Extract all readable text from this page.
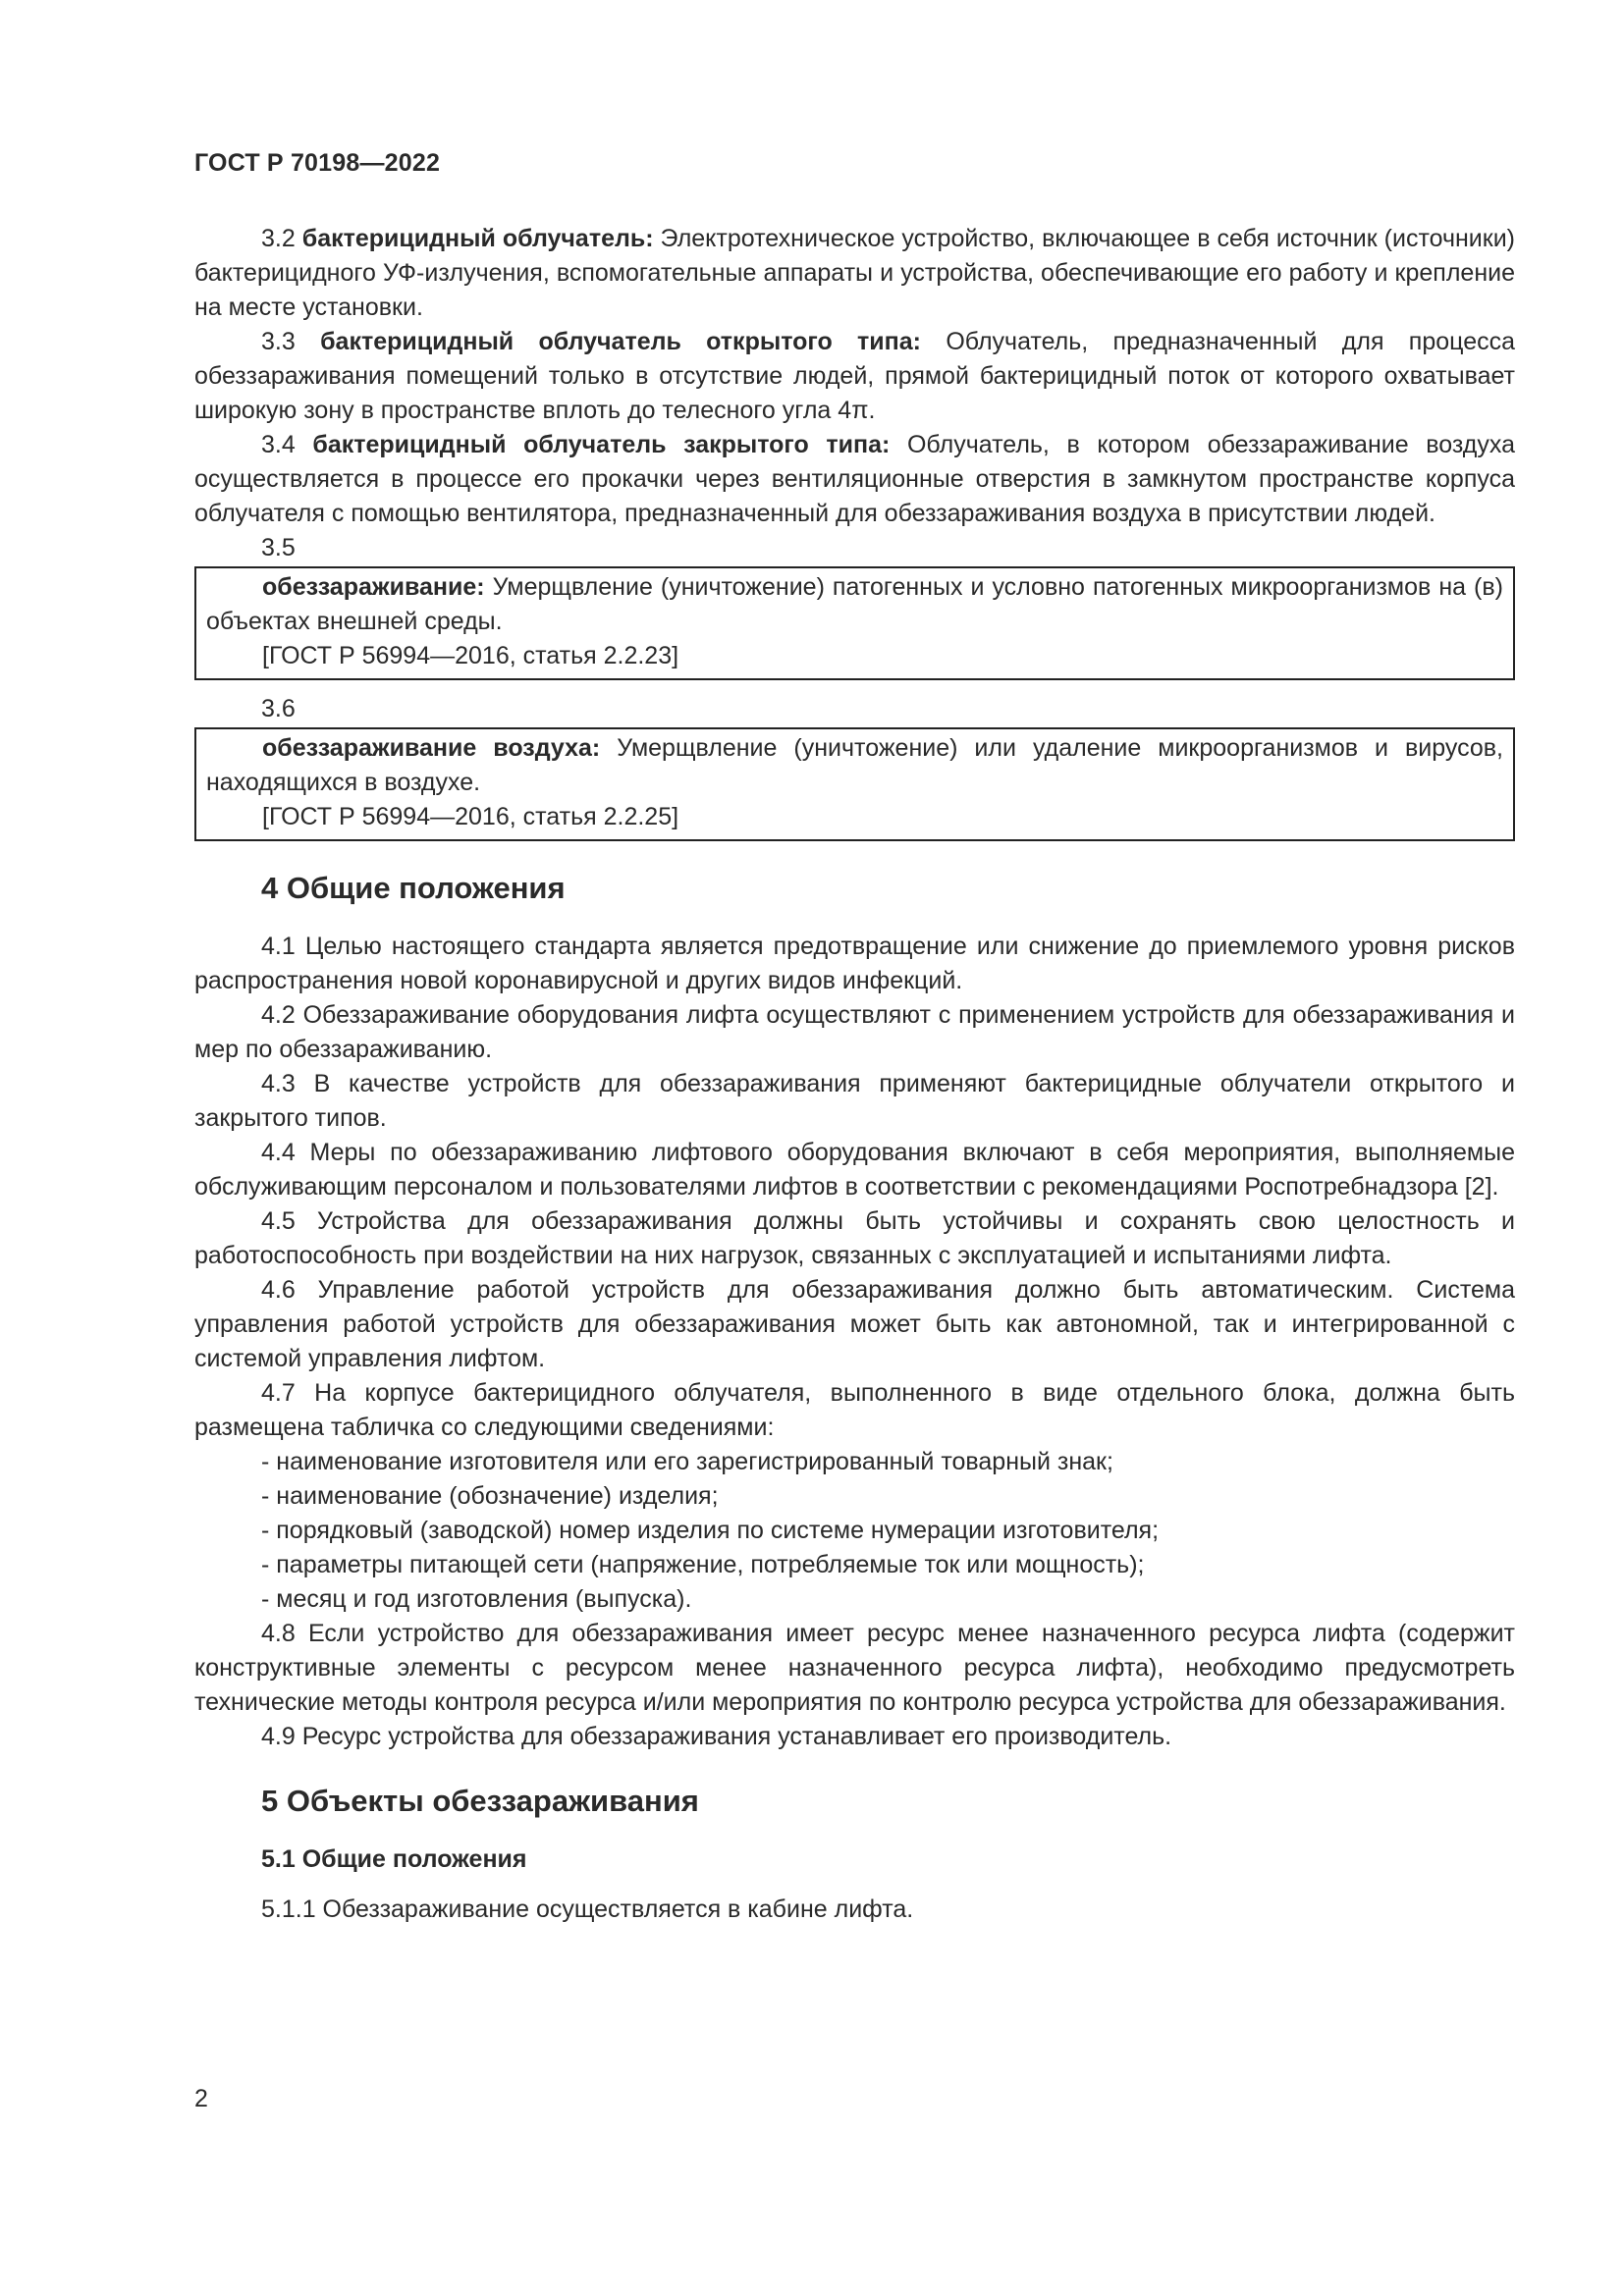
ГОСТ Р 70198—2022

3.2 бактерицидный облучатель: Электротехническое устройство, включающее в себя источник (источники) бактерицидного УФ-излучения, вспомогательные аппараты и устройства, обеспечивающие его работу и крепление на месте установки.

3.3 бактерицидный облучатель открытого типа: Облучатель, предназначенный для процесса обеззараживания помещений только в отсутствие людей, прямой бактерицидный поток от которого охватывает широкую зону в пространстве вплоть до телесного угла 4π.

3.4 бактерицидный облучатель закрытого типа: Облучатель, в котором обеззараживание воздуха осуществляется в процессе его прокачки через вентиляционные отверстия в замкнутом пространстве корпуса облучателя с помощью вентилятора, предназначенный для обеззараживания воздуха в присутствии людей.

3.5

обеззараживание: Умерщвление (уничтожение) патогенных и условно патогенных микроорганизмов на (в) объектах внешней среды.

[ГОСТ Р 56994—2016, статья 2.2.23]
3.6

обеззараживание воздуха: Умерщвление (уничтожение) или удаление микроорганизмов и вирусов, находящихся в воздухе.

[ГОСТ Р 56994—2016, статья 2.2.25]
4 Общие положения

4.1 Целью настоящего стандарта является предотвращение или снижение до приемлемого уровня рисков распространения новой коронавирусной и других видов инфекций.

4.2 Обеззараживание оборудования лифта осуществляют с применением устройств для обеззараживания и мер по обеззараживанию.

4.3 В качестве устройств для обеззараживания применяют бактерицидные облучатели открытого и закрытого типов.

4.4 Меры по обеззараживанию лифтового оборудования включают в себя мероприятия, выполняемые обслуживающим персоналом и пользователями лифтов в соответствии с рекомендациями Роспотребнадзора [2].

4.5 Устройства для обеззараживания должны быть устойчивы и сохранять свою целостность и работоспособность при воздействии на них нагрузок, связанных с эксплуатацией и испытаниями лифта.

4.6 Управление работой устройств для обеззараживания должно быть автоматическим. Система управления работой устройств для обеззараживания может быть как автономной, так и интегрированной с системой управления лифтом.

4.7 На корпусе бактерицидного облучателя, выполненного в виде отдельного блока, должна быть размещена табличка со следующими сведениями:

- наименование изготовителя или его зарегистрированный товарный знак;

- наименование (обозначение) изделия;

- порядковый (заводской) номер изделия по системе нумерации изготовителя;

- параметры питающей сети (напряжение, потребляемые ток или мощность);

- месяц и год изготовления (выпуска).

4.8 Если устройство для обеззараживания имеет ресурс менее назначенного ресурса лифта (содержит конструктивные элементы с ресурсом менее назначенного ресурса лифта), необходимо предусмотреть технические методы контроля ресурса и/или мероприятия по контролю ресурса устройства для обеззараживания.

4.9 Ресурс устройства для обеззараживания устанавливает его производитель.

5 Объекты обеззараживания
5.1 Общие положения

5.1.1 Обеззараживание осуществляется в кабине лифта.

2
